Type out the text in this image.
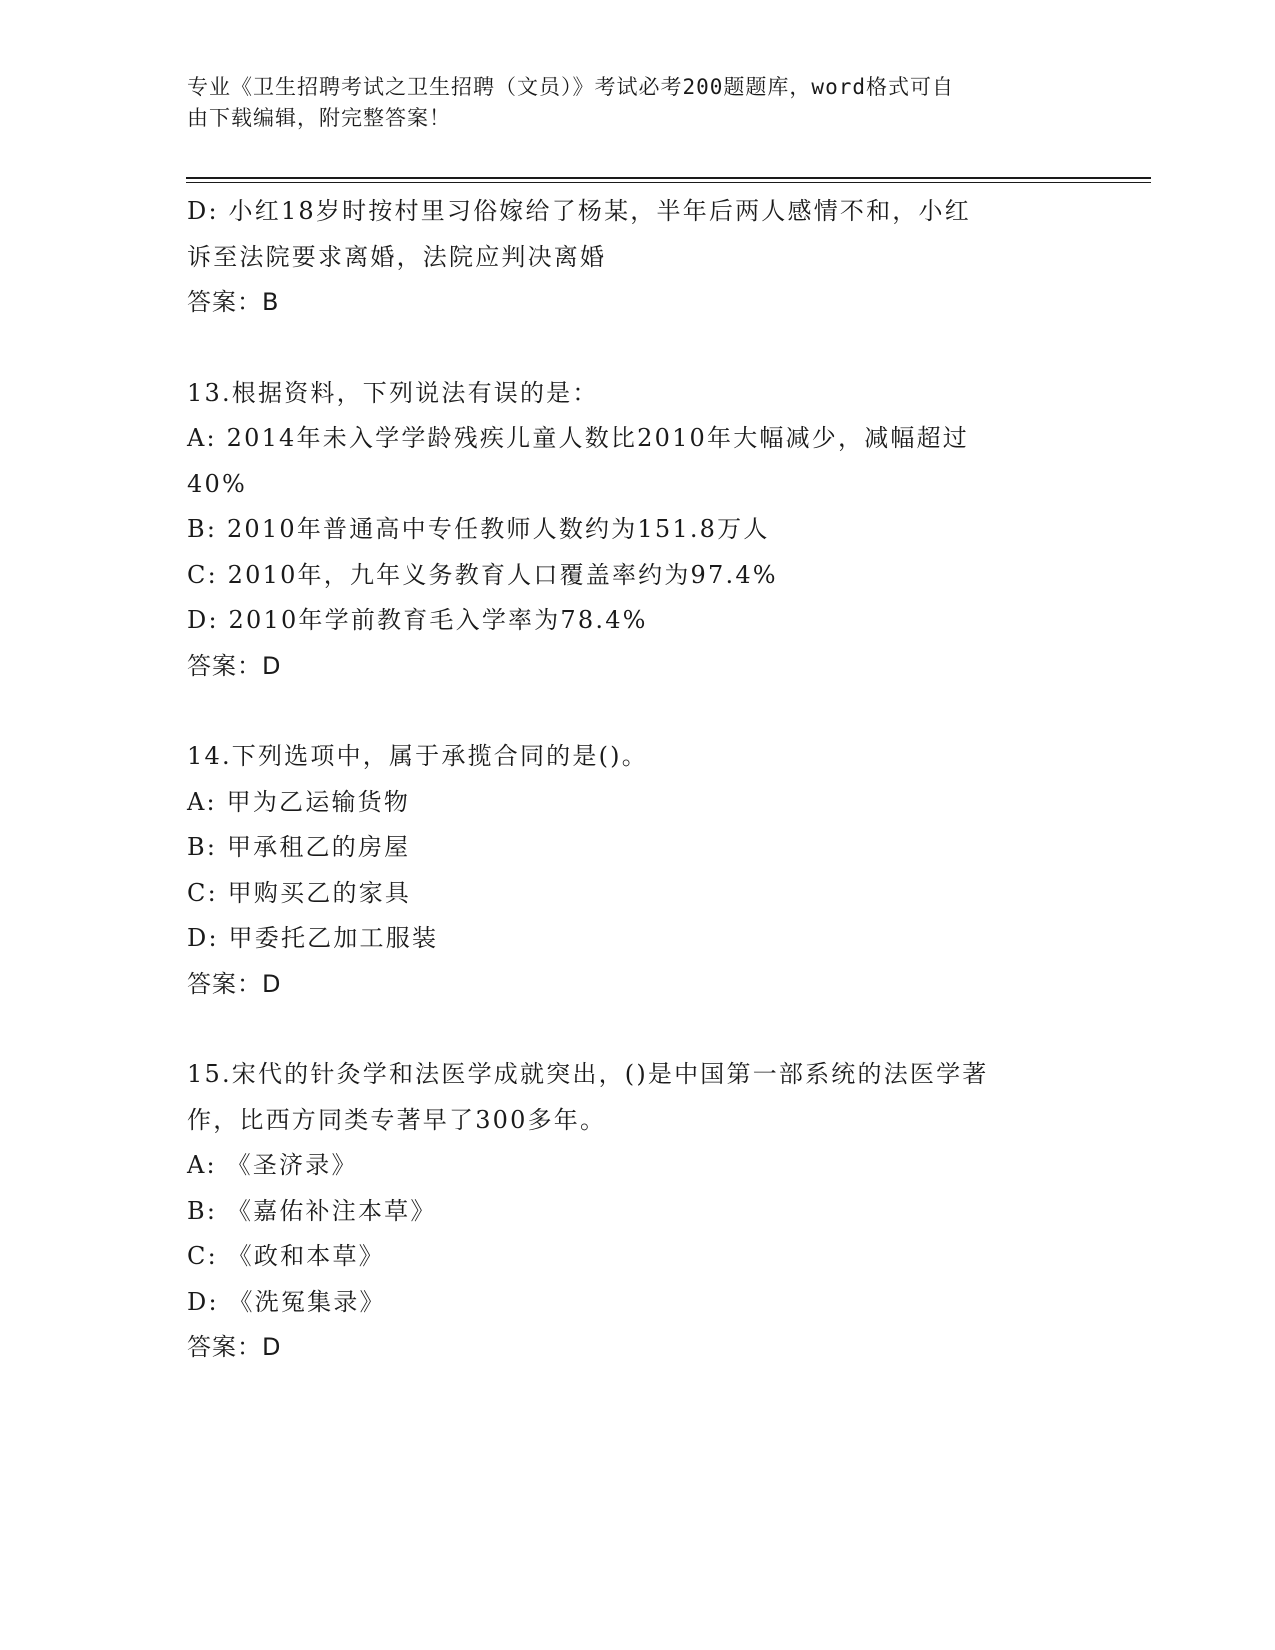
专业《卫生招聘考试之卫生招聘（文员）》考试必考200题题库，word格式可自
由下载编辑，附完整答案！
D: 小红18岁时按村里习俗嫁给了杨某，半年后两人感情不和，小红
诉至法院要求离婚，法院应判决离婚
答案：B
13.根据资料，下列说法有误的是：
A: 2014年未入学学龄残疾儿童人数比2010年大幅减少，减幅超过
40%
B: 2010年普通高中专任教师人数约为151.8万人
C: 2010年，九年义务教育人口覆盖率约为97.4%
D: 2010年学前教育毛入学率为78.4%
答案：D
14.下列选项中，属于承揽合同的是()。
A: 甲为乙运输货物
B: 甲承租乙的房屋
C: 甲购买乙的家具
D: 甲委托乙加工服装
答案：D
15.宋代的针灸学和法医学成就突出，()是中国第一部系统的法医学著
作，比西方同类专著早了300多年。
A: 《圣济录》
B: 《嘉佑补注本草》
C: 《政和本草》
D: 《洗冤集录》
答案：D
